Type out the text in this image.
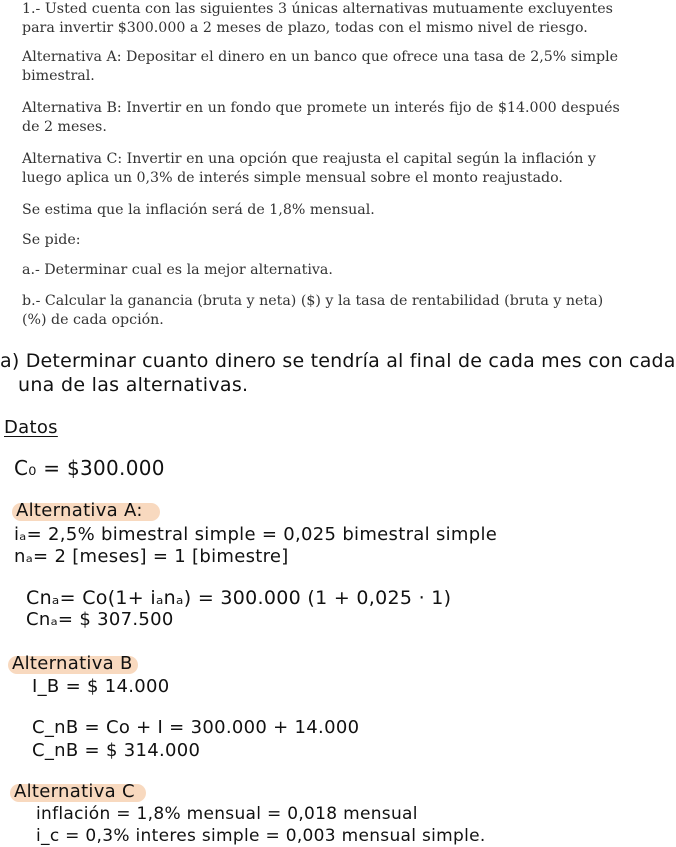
1.- Usted cuenta con las siguientes 3 únicas alternativas mutuamente excluyentes para invertir $300.000 a 2 meses de plazo, todas con el mismo nivel de riesgo.
Alternativa A: Depositar el dinero en un banco que ofrece una tasa de 2,5% simple bimestral.
Alternativa B: Invertir en un fondo que promete un interés fijo de $14.000 después de 2 meses.
Alternativa C: Invertir en una opción que reajusta el capital según la inflación y luego aplica un 0,3% de interés simple mensual sobre el monto reajustado.
Se estima que la inflación será de 1,8% mensual.
Se pide:
a.- Determinar cual es la mejor alternativa.
b.- Calcular la ganancia (bruta y neta) ($) y la tasa de rentabilidad (bruta y neta) (%) de cada opción.
a) Determinar cuanto dinero se tendría al final de cada mes con cada
una de las alternativas.
Datos
C₀ = $300.000
Alternativa A:
iₐ= 2,5% bimestral simple = 0,025 bimestral simple
nₐ= 2 [meses] = 1 [bimestre]
Cnₐ= Co(1+ iₐnₐ) = 300.000 (1 + 0,025 · 1)
Cnₐ= $ 307.500
Alternativa B
I_B = $ 14.000
C_nB = Co + I = 300.000 + 14.000
C_nB = $ 314.000
Alternativa C
inflación = 1,8% mensual = 0,018 mensual
i_c = 0,3% interes simple = 0,003 mensual simple.
